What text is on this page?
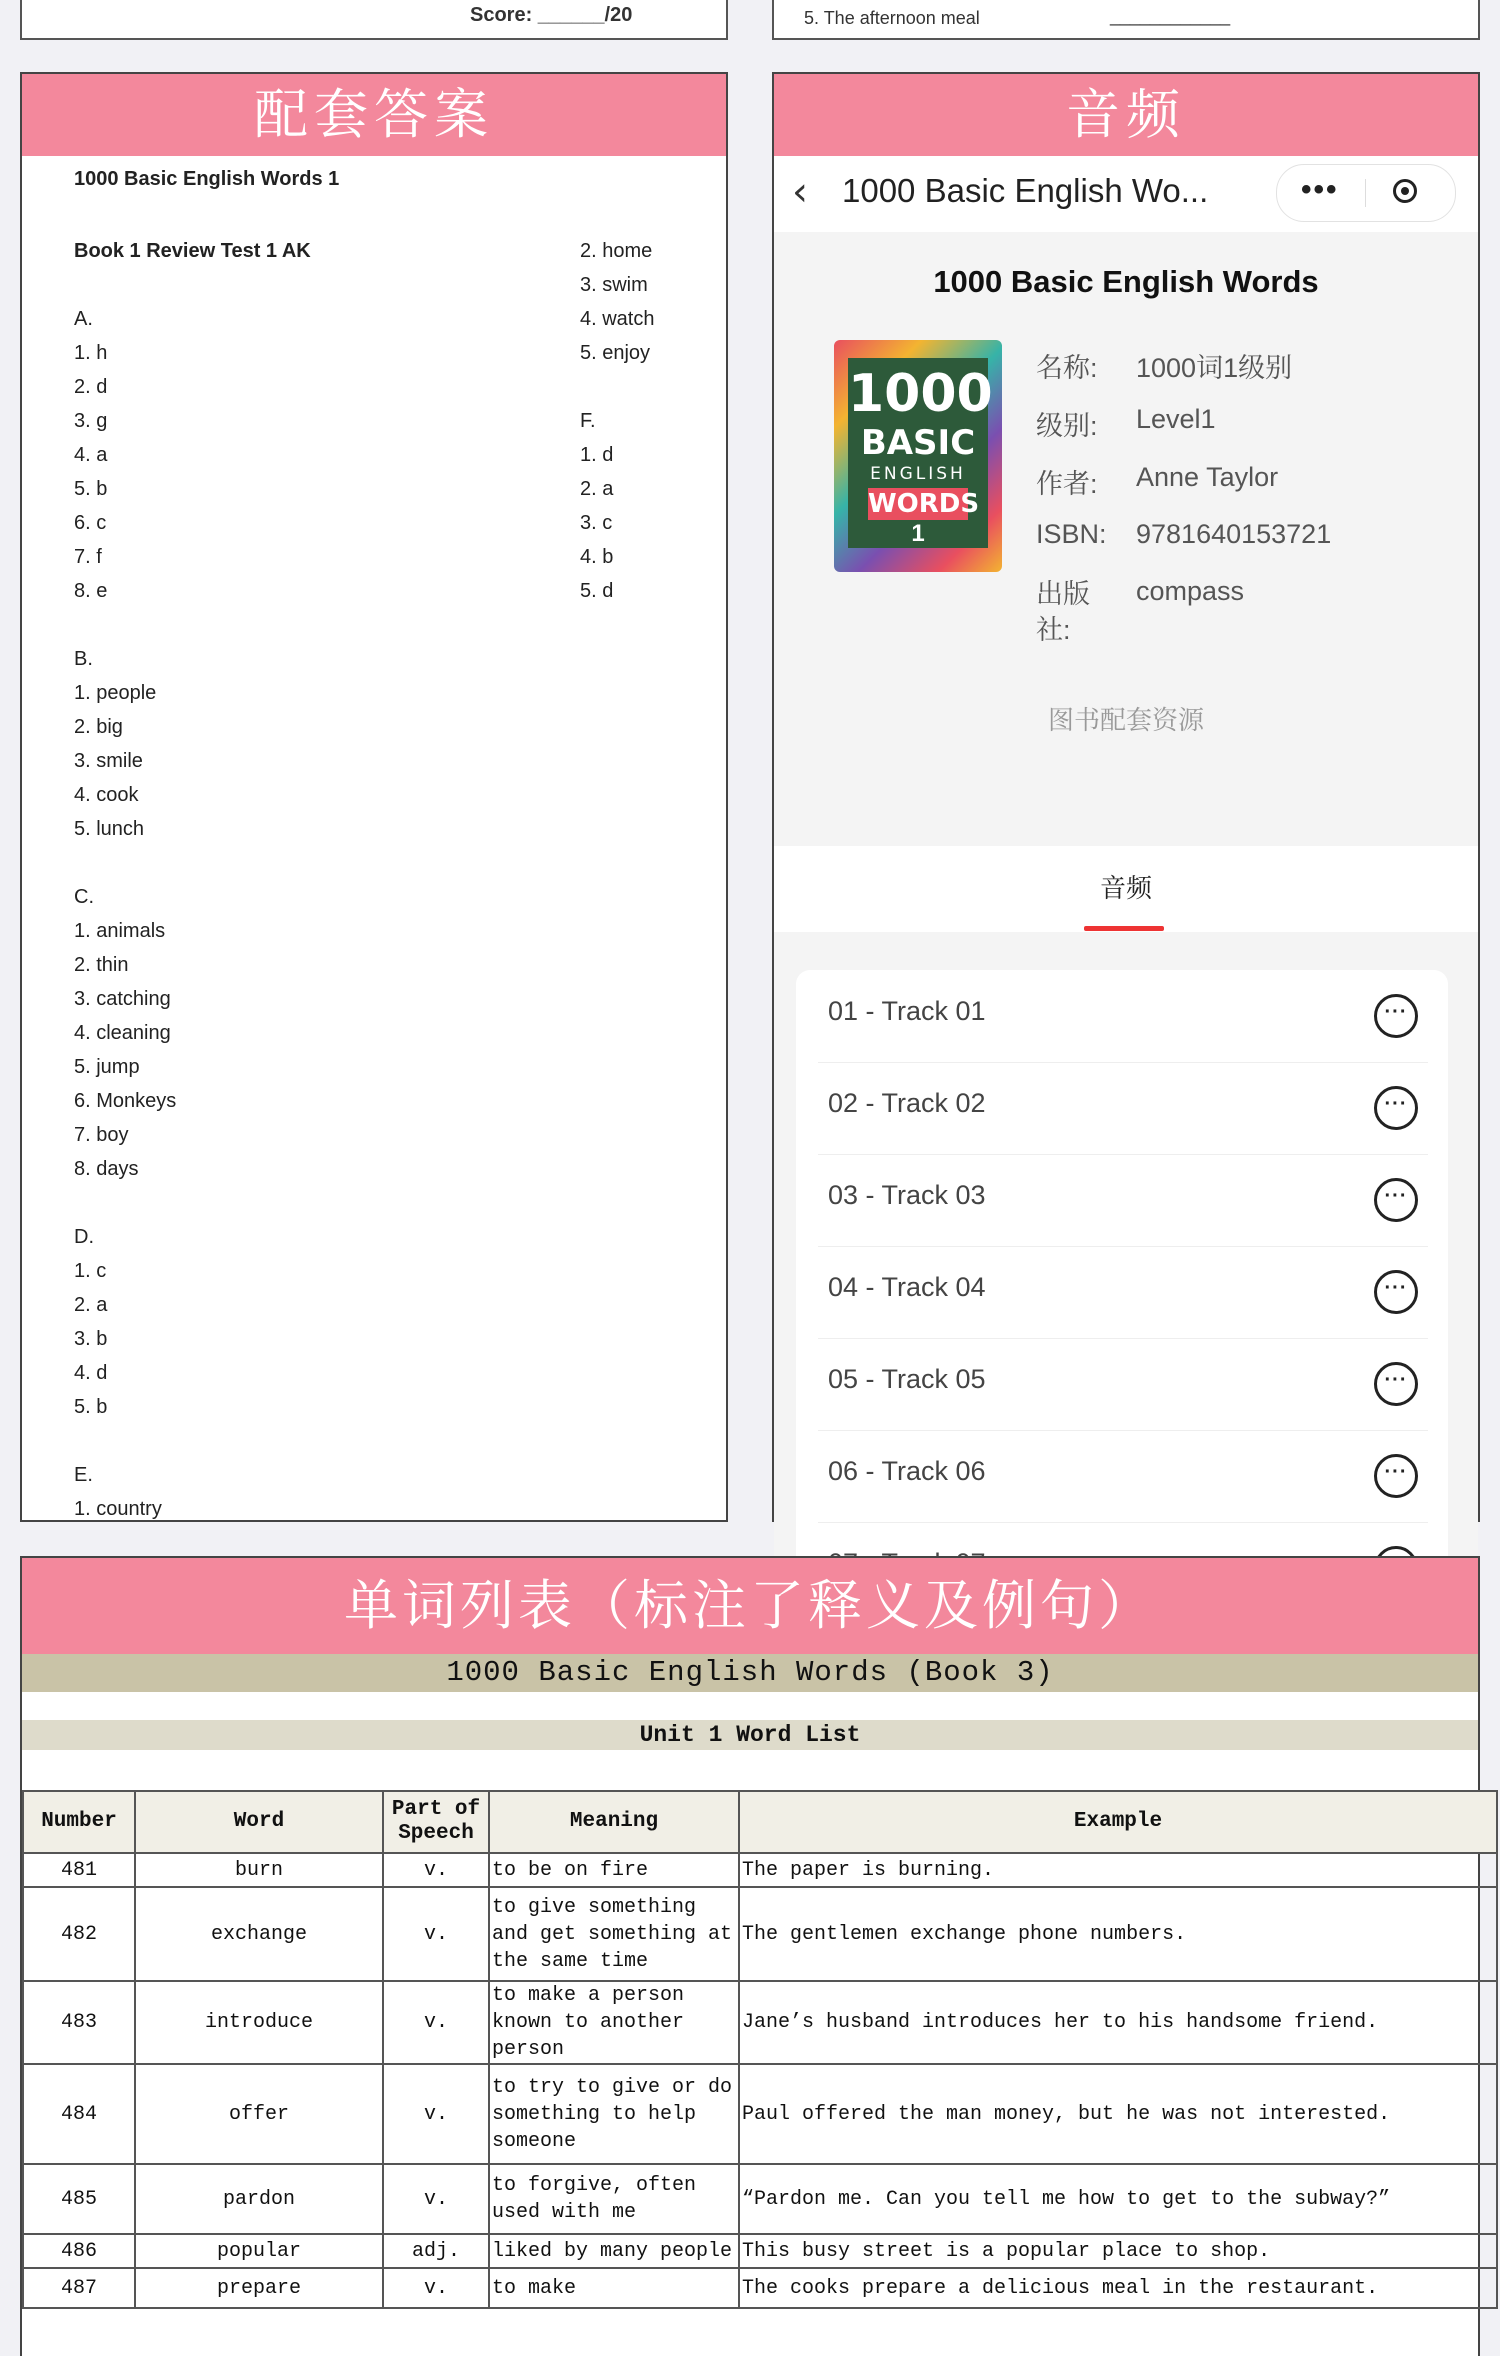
Score: ______/20	5. The afternoon meal	____________
配套答案
1000 Basic English Words 1
Book 1 Review Test 1 AK
A.
1. h
2. d
3. g
4. a
5. b
6. c
7. f
8. e
B.
1. people
2. big
3. smile
4. cook
5. lunch
C.
1. animals
2. thin
3. catching
4. cleaning
5. jump
6. Monkeys
7. boy
8. days
D.
1. c
2. a
3. b
4. d
5. b
E.
1. country
2. home
3. swim
4. watch
5. enjoy
F.
1. d
2. a
3. c
4. b
5. d
音频
‹	1000 Basic English Wo...	•••
1000 Basic English Words
1000
BASIC
ENGLISH
WORDS
1
名称:	1000词1级别
级别:	Level1
作者:	Anne Taylor
ISBN: 9781640153721
出版社:
compass
图书配套资源
音频
01 - Track 01	···
02 - Track 02	···
03 - Track 03	···
04 - Track 04	···
05 - Track 05	···
06 - Track 06	···
单词列表（标注了释义及例句）
1000 Basic English Words (Book 3)
Unit 1 Word List
Number	Word	Part of Speech	Meaning	Example
481	burn	v.	to be on fire	The paper is burning.
482	exchange	v.	to give something and get something at the same time	The gentlemen exchange phone numbers.
483	introduce	v.	to make a person known to another person	Jane’s husband introduces her to his handsome friend.
484	offer	v.	to try to give or do something to help someone	Paul offered the man money, but he was not interested.
485	pardon	v.	to forgive, often used with me	“Pardon me. Can you tell me how to get to the subway?”
486	popular	adj.	liked by many people	This busy street is a popular place to shop.
487	prepare	v.	to make	The cooks prepare a delicious meal in the restaurant.
